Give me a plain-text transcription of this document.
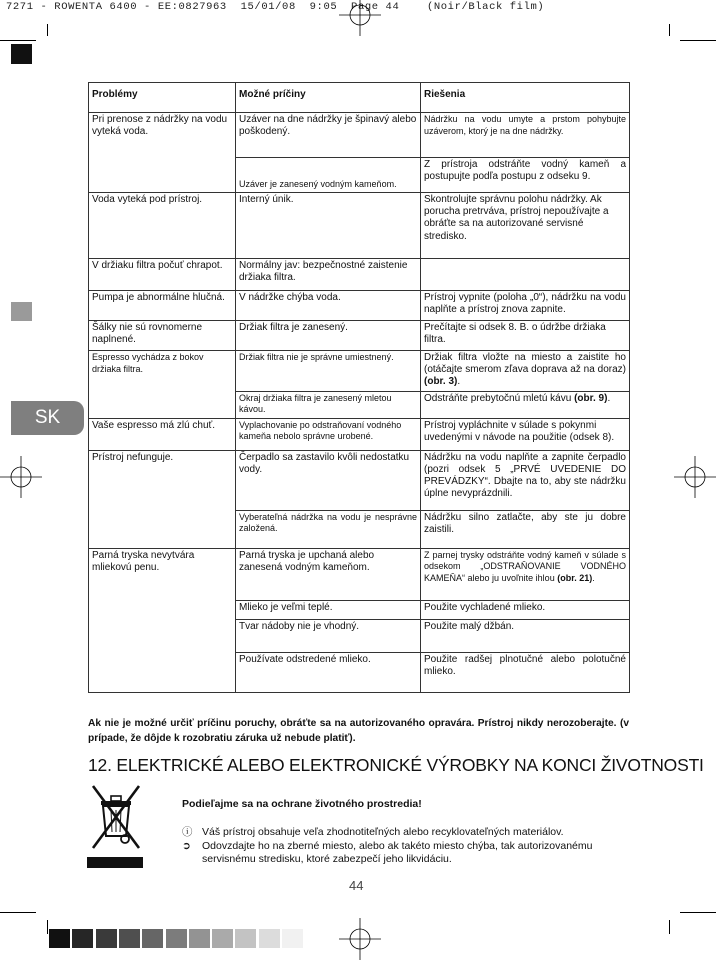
7271 - ROWENTA 6400 - EE:0827963  15/01/08  9:05  Page 44    (Noir/Black film)
SK
Problémy	Možné príčiny	Riešenia
Pri prenose z nádržky na vodu vyteká voda.	Uzáver na dne nádržky je špinavý alebo poškodený.	Nádržku na vodu umyte a prstom pohybujte uzáverom, ktorý je na dne nádržky.
	Uzáver je zanesený vodným kameňom.	Z prístroja odstráňte vodný kameň a postupujte podľa postupu z odseku 9.
Voda vyteká pod prístroj.	Interný únik.	Skontrolujte správnu polohu nádržky. Ak porucha pretrváva, prístroj nepoužívajte a obráťte sa na autorizované servisné stredisko.
V držiaku filtra počuť chrapot.	Normálny jav: bezpečnostné zaistenie držiaka filtra.	
Pumpa je abnormálne hlučná.	V nádržke chýba voda.	Prístroj vypnite (poloha „0“), nádržku na vodu naplňte a prístroj znova zapnite.
Šálky nie sú rovnomerne naplnené.	Držiak filtra je zanesený.	Prečítajte si odsek 8. B. o údržbe držiaka filtra.
Espresso vychádza z bokov držiaka filtra.	Držiak filtra nie je správne umiestnený.	Držiak filtra vložte na miesto a zaistite ho (otáčajte smerom zľava doprava až na doraz) (obr. 3).
	Okraj držiaka filtra je zanesený mletou kávou.	Odstráňte prebytočnú mletú kávu (obr. 9).
Vaše espresso má zlú chuť.	Vyplachovanie po odstraňovaní vodného kameňa nebolo správne urobené.	Prístroj vypláchnite v súlade s pokynmi uvedenými v návode na použitie (odsek 8).
Prístroj nefunguje.	Čerpadlo sa zastavilo kvôli nedostatku vody.	Nádržku na vodu naplňte a zapnite čerpadlo (pozri odsek 5 „PRVÉ UVEDENIE DO PREVÁDZKY“. Dbajte na to, aby ste nádržku úplne nevyprázdnili.
	Vyberateľná nádržka na vodu je nesprávne založená.	Nádržku silno zatlačte, aby ste ju dobre zaistili.
Parná tryska nevytvára mliekovú penu.	Parná tryska je upchaná alebo zanesená vodným kameňom.	Z parnej trysky odstráňte vodný kameň v súlade s odsekom „ODSTRAŇOVANIE VODNÉHO KAMEŇA“ alebo ju uvoľnite ihlou (obr. 21).
	Mlieko je veľmi teplé.	Použite vychladené mlieko.
	Tvar nádoby nie je vhodný.	Použite malý džbán.
	Používate odstredené mlieko.	Použite radšej plnotučné alebo polotučné mlieko.
Ak nie je možné určiť príčinu poruchy, obráťte sa na autorizovaného opravára. Prístroj nikdy nerozoberajte. (v prípade, že dôjde k rozobratiu záruka už nebude platiť).
12. ELEKTRICKÉ ALEBO ELEKTRONICKÉ VÝROBKY NA KONCI ŽIVOTNOSTI
Podieľajme sa na ochrane životného prostredia!
ⓘ Váš prístroj obsahuje veľa zhodnotiteľných alebo recyklovateľných materiálov.
➲	Odovzdajte ho na zberné miesto, alebo ak takéto miesto chýba, tak autorizovanému servisnému stredisku, ktoré zabezpečí jeho likvidáciu.
44
